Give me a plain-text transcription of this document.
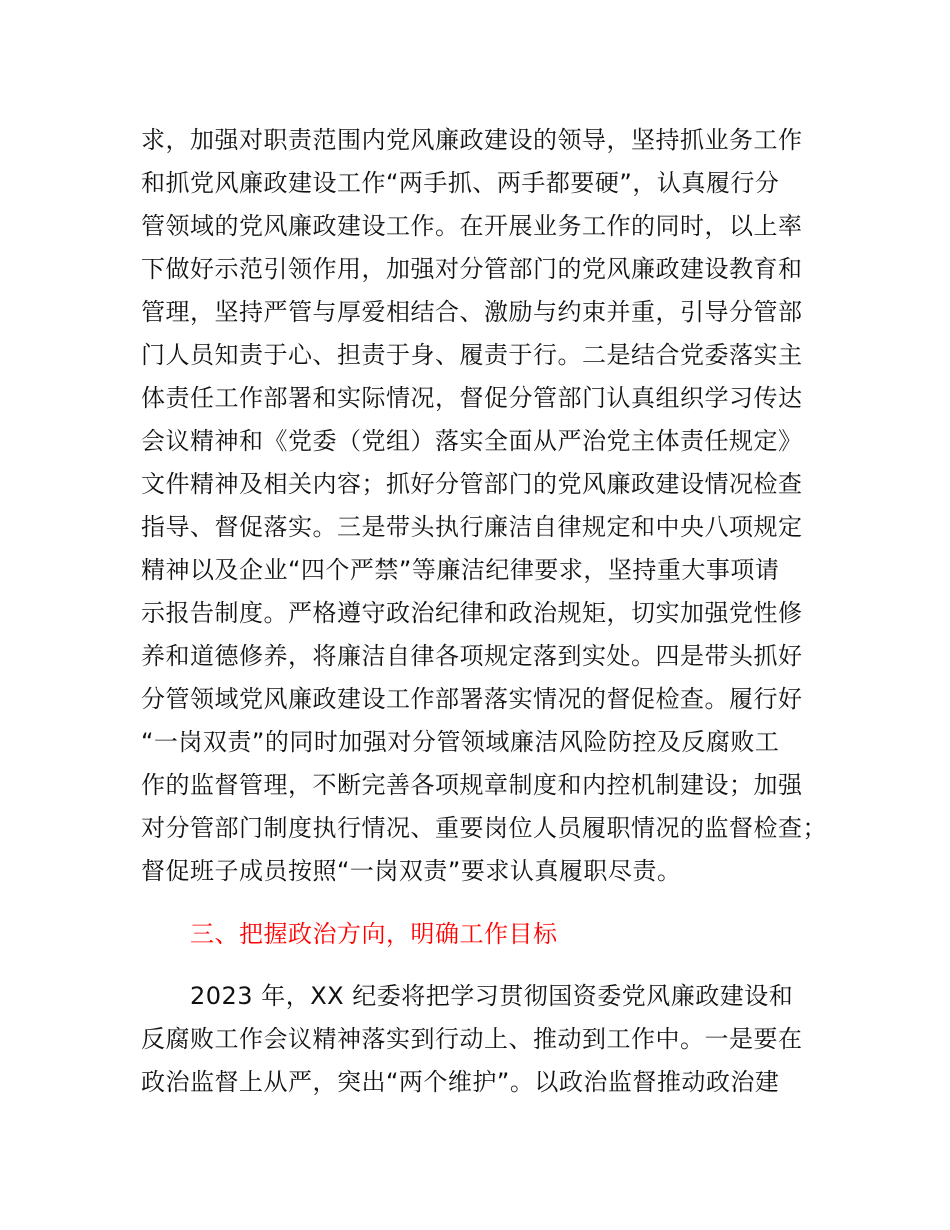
求，加强对职责范围内党风廉政建设的领导，坚持抓业务工作
和抓党风廉政建设工作“两手抓、两手都要硬”，认真履行分
管领域的党风廉政建设工作。在开展业务工作的同时，以上率
下做好示范引领作用，加强对分管部门的党风廉政建设教育和
管理，坚持严管与厚爱相结合、激励与约束并重，引导分管部
门人员知责于心、担责于身、履责于行。二是结合党委落实主
体责任工作部署和实际情况，督促分管部门认真组织学习传达
会议精神和《党委（党组）落实全面从严治党主体责任规定》
文件精神及相关内容；抓好分管部门的党风廉政建设情况检查
指导、督促落实。三是带头执行廉洁自律规定和中央八项规定
精神以及企业“四个严禁”等廉洁纪律要求，坚持重大事项请
示报告制度。严格遵守政治纪律和政治规矩，切实加强党性修
养和道德修养，将廉洁自律各项规定落到实处。四是带头抓好
分管领域党风廉政建设工作部署落实情况的督促检查。履行好
“一岗双责”的同时加强对分管领域廉洁风险防控及反腐败工
作的监督管理，不断完善各项规章制度和内控机制建设；加强
对分管部门制度执行情况、重要岗位人员履职情况的监督检查；
督促班子成员按照“一岗双责”要求认真履职尽责。
三、把握政治方向，明确工作目标
2023 年，XX 纪委将把学习贯彻国资委党风廉政建设和
反腐败工作会议精神落实到行动上、推动到工作中。一是要在
政治监督上从严，突出“两个维护”。以政治监督推动政治建
